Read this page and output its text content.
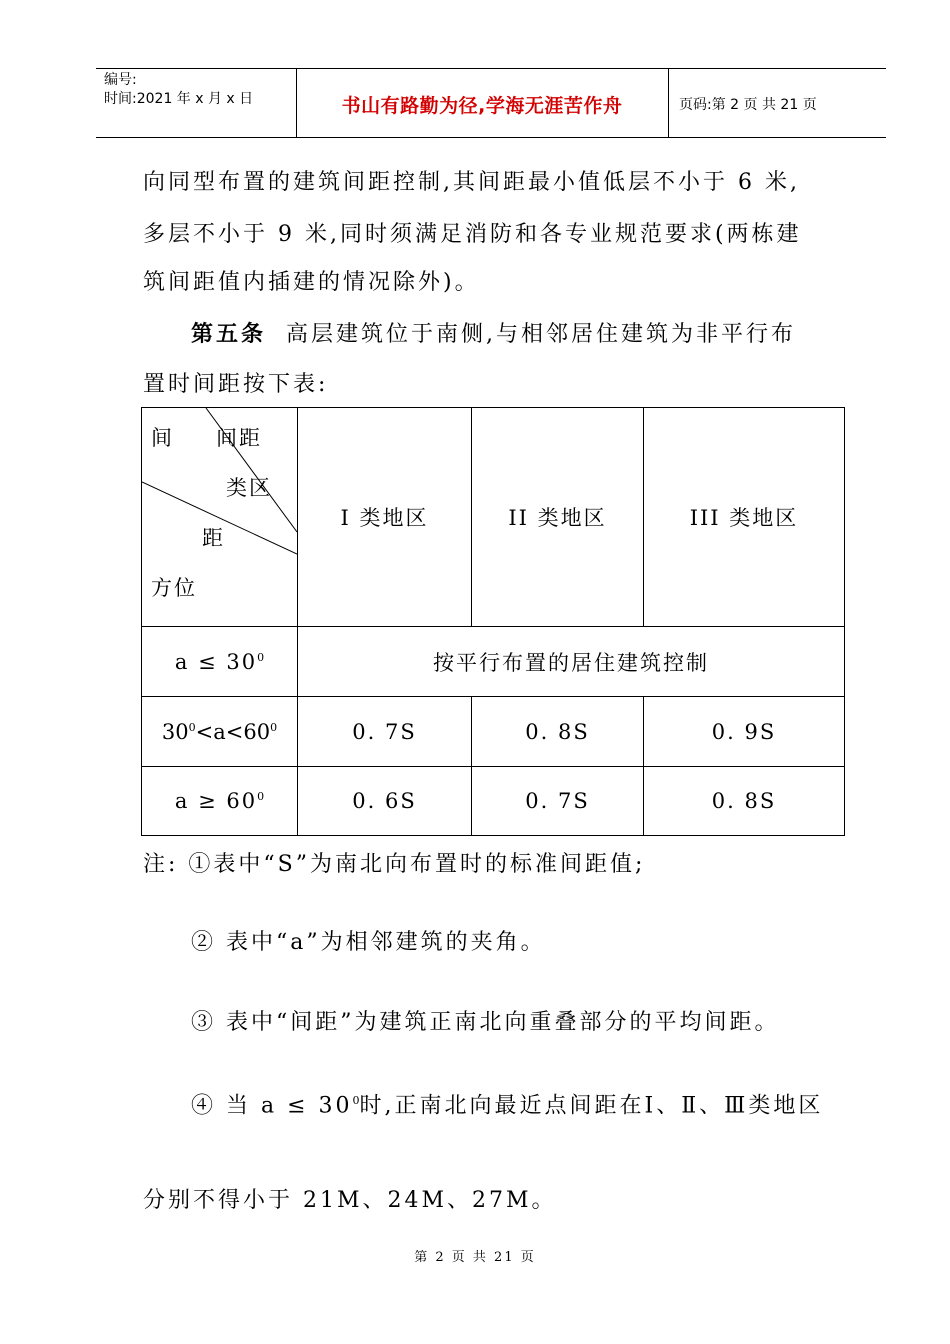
编号:
时间:2021 年 x 月 x 日	书山有路勤为径,学海无涯苦作舟	页码:第 2 页 共 21 页
向同型布置的建筑间距控制,其间距最小值低层不小于 6 米,
多层不小于 9 米,同时须满足消防和各专业规范要求(两栋建
筑间距值内插建的情况除外)。
第五条 高层建筑位于南侧,与相邻居住建筑为非平行布
置时间距按下表:
间 间距
类区
距
方位	I 类地区	II 类地区	III 类地区
$a \le 30^0$	按平行布置的居住建筑控制		
$30^0<a<60^0$	0. 7S	0. 8S	0. 9S
$a \ge 60^0$	0. 6S	0. 7S	0. 8S
注: ①表中“S”为南北向布置时的标准间距值;
② 表中“a”为相邻建筑的夹角。
③ 表中“间距”为建筑正南北向重叠部分的平均间距。
④ 当 $a \le 30^0$时,正南北向最近点间距在Ⅰ、Ⅱ、Ⅲ类地区
分别不得小于 21M、24M、27M。
第 2 页 共 21 页
